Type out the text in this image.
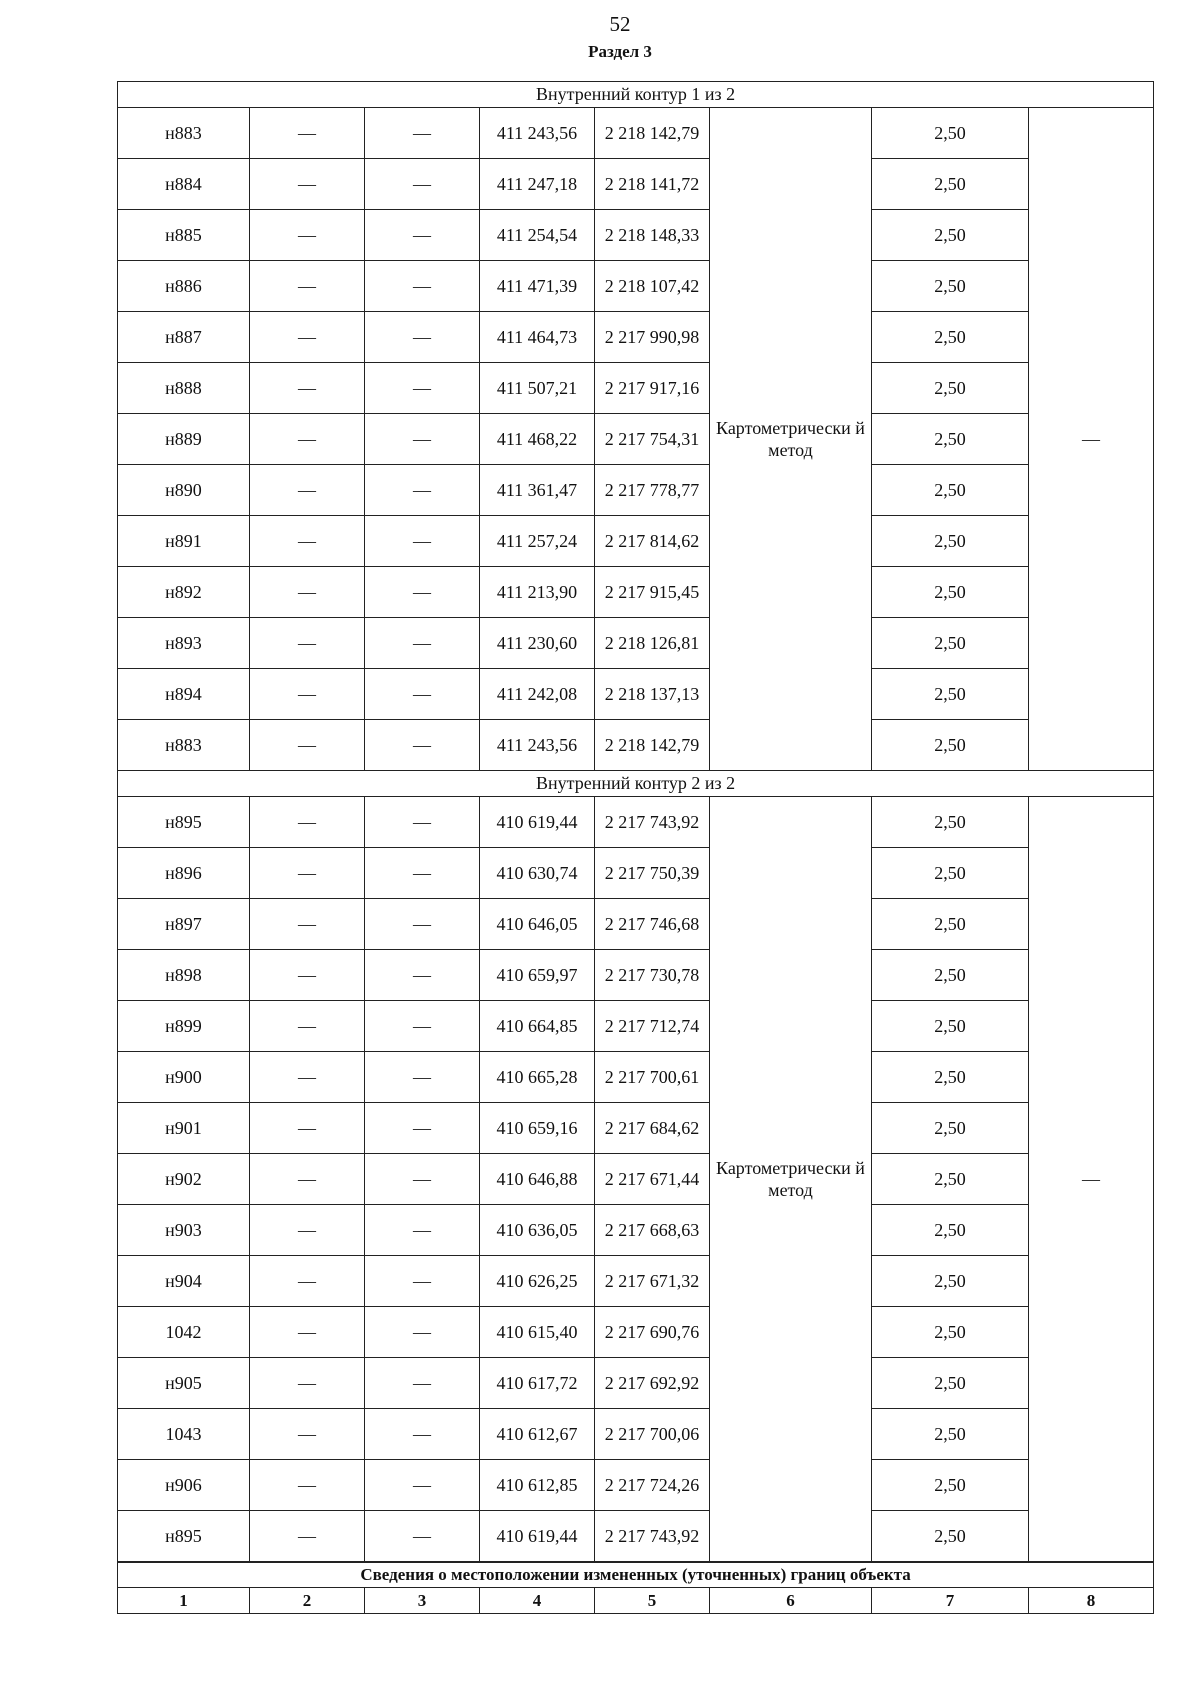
52
Раздел 3
Внутренний контур 1 из 2							
н883	—	—	411 243,56	2 218 142,79	Картометрически й метод	2,50	—
н884	—	—	411 247,18	2 218 141,72		2,50	
н885	—	—	411 254,54	2 218 148,33		2,50	
н886	—	—	411 471,39	2 218 107,42		2,50	
н887	—	—	411 464,73	2 217 990,98		2,50	
н888	—	—	411 507,21	2 217 917,16		2,50	
н889	—	—	411 468,22	2 217 754,31		2,50	
н890	—	—	411 361,47	2 217 778,77		2,50	
н891	—	—	411 257,24	2 217 814,62		2,50	
н892	—	—	411 213,90	2 217 915,45		2,50	
н893	—	—	411 230,60	2 218 126,81		2,50	
н894	—	—	411 242,08	2 218 137,13		2,50	
н883	—	—	411 243,56	2 218 142,79		2,50	
Внутренний контур 2 из 2							
н895	—	—	410 619,44	2 217 743,92	Картометрически й метод	2,50	—
н896	—	—	410 630,74	2 217 750,39		2,50	
н897	—	—	410 646,05	2 217 746,68		2,50	
н898	—	—	410 659,97	2 217 730,78		2,50	
н899	—	—	410 664,85	2 217 712,74		2,50	
н900	—	—	410 665,28	2 217 700,61		2,50	
н901	—	—	410 659,16	2 217 684,62		2,50	
н902	—	—	410 646,88	2 217 671,44		2,50	
н903	—	—	410 636,05	2 217 668,63		2,50	
н904	—	—	410 626,25	2 217 671,32		2,50	
1042	—	—	410 615,40	2 217 690,76		2,50	
н905	—	—	410 617,72	2 217 692,92		2,50	
1043	—	—	410 612,67	2 217 700,06		2,50	
н906	—	—	410 612,85	2 217 724,26		2,50	
н895	—	—	410 619,44	2 217 743,92		2,50	
Сведения о местоположении измененных (уточненных) границ объекта							
1	2	3	4	5	6	7	8
